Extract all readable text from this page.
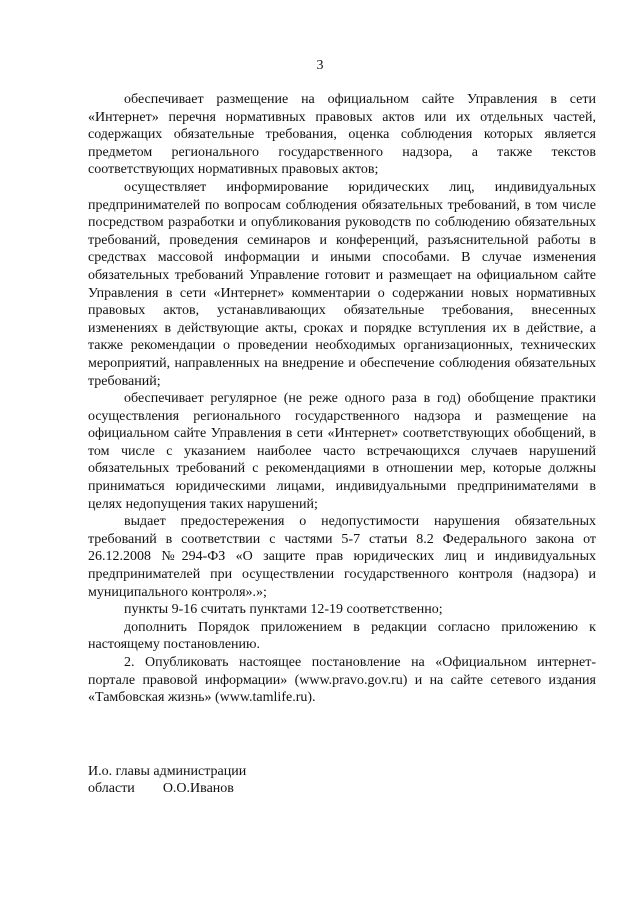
3

обеспечивает размещение на официальном сайте Управления в сети «Интернет» перечня нормативных правовых актов или их отдельных частей, содержащих обязательные требования, оценка соблюдения которых является предметом регионального государственного надзора, а также текстов соответствующих нормативных правовых актов;

осуществляет информирование юридических лиц, индивидуальных предпринимателей по вопросам соблюдения обязательных требований, в том числе посредством разработки и опубликования руководств по соблюдению обязательных требований, проведения семинаров и конференций, разъяснительной работы в средствах массовой информации и иными способами. В случае изменения обязательных требований Управление готовит и размещает на официальном сайте Управления в сети «Интернет» комментарии о содержании новых нормативных правовых актов, устанавливающих обязательные требования, внесенных изменениях в действующие акты, сроках и порядке вступления их в действие, а также рекомендации о проведении необходимых организационных, технических мероприятий, направленных на внедрение и обеспечение соблюдения обязательных требований;

обеспечивает регулярное (не реже одного раза в год) обобщение практики осуществления регионального государственного надзора и размещение на официальном сайте Управления в сети «Интернет» соответствующих обобщений, в том числе с указанием наиболее часто встречающихся случаев нарушений обязательных требований с рекомендациями в отношении мер, которые должны приниматься юридическими лицами, индивидуальными предпринимателями в целях недопущения таких нарушений;

выдает предостережения о недопустимости нарушения обязательных требований в соответствии с частями 5-7 статьи 8.2 Федерального закона от 26.12.2008 №294-ФЗ «О защите прав юридических лиц и индивидуальных предпринимателей при осуществлении государственного контроля (надзора) и муниципального контроля».»;

пункты 9-16 считать пунктами 12-19 соответственно;

дополнить Порядок приложением в редакции согласно приложению к настоящему постановлению.

2. Опубликовать настоящее постановление на «Официальном интернет-портале правовой информации» (www.pravo.gov.ru) и на сайте сетевого издания «Тамбовская жизнь» (www.tamlife.ru).

И.о. главы администрации
области О.О.Иванов
